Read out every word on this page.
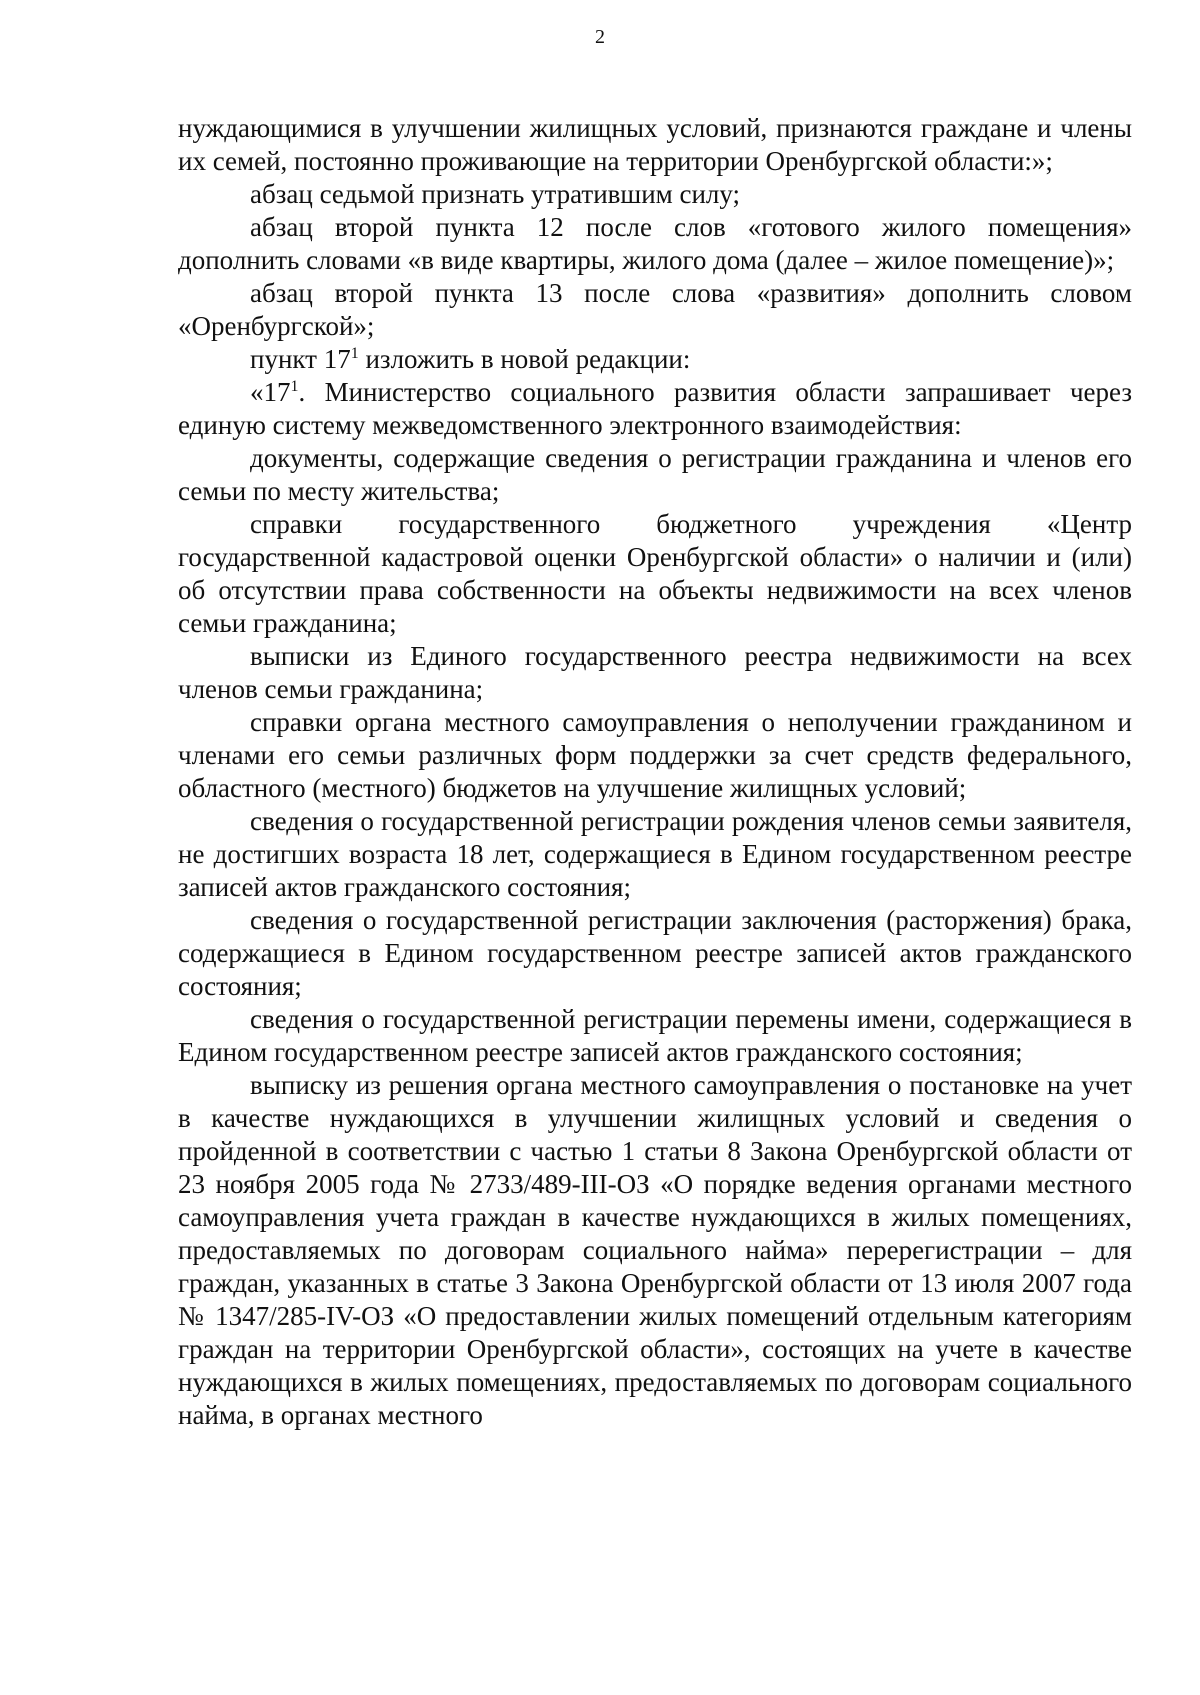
2

нуждающимися в улучшении жилищных условий, признаются граждане и члены их семей, постоянно проживающие на территории Оренбургской области:»;

абзац седьмой признать утратившим силу;

абзац второй пункта 12 после слов «готового жилого помещения» дополнить словами «в виде квартиры, жилого дома (далее – жилое помещение)»;

абзац второй пункта 13 после слова «развития» дополнить словом «Оренбургской»;

пункт $17^1$ изложить в новой редакции:

«$17^1$. Министерство социального развития области запрашивает через единую систему межведомственного электронного взаимодействия:

документы, содержащие сведения о регистрации гражданина и членов его семьи по месту жительства;

справки государственного бюджетного учреждения «Центр государственной кадастровой оценки Оренбургской области» о наличии и (или) об отсутствии права собственности на объекты недвижимости на всех членов семьи гражданина;

выписки из Единого государственного реестра недвижимости на всех членов семьи гражданина;

справки органа местного самоуправления о неполучении гражданином и членами его семьи различных форм поддержки за счет средств федерального, областного (местного) бюджетов на улучшение жилищных условий;

сведения о государственной регистрации рождения членов семьи заявителя, не достигших возраста 18 лет, содержащиеся в Едином государственном реестре записей актов гражданского состояния;

сведения о государственной регистрации заключения (расторжения) брака, содержащиеся в Едином государственном реестре записей актов гражданского состояния;

сведения о государственной регистрации перемены имени, содержащиеся в Едином государственном реестре записей актов гражданского состояния;

выписку из решения органа местного самоуправления о постановке на учет в качестве нуждающихся в улучшении жилищных условий и сведения о пройденной в соответствии с частью 1 статьи 8 Закона Оренбургской области от 23 ноября 2005 года № 2733/489-III-ОЗ «О порядке ведения органами местного самоуправления учета граждан в качестве нуждающихся в жилых помещениях, предоставляемых по договорам социального найма» перерегистрации – для граждан, указанных в статье 3 Закона Оренбургской области от 13 июля 2007 года № 1347/285-IV-ОЗ «О предоставлении жилых помещений отдельным категориям граждан на территории Оренбургской области», состоящих на учете в качестве нуждающихся в жилых помещениях, предоставляемых по договорам социального найма, в органах местного
